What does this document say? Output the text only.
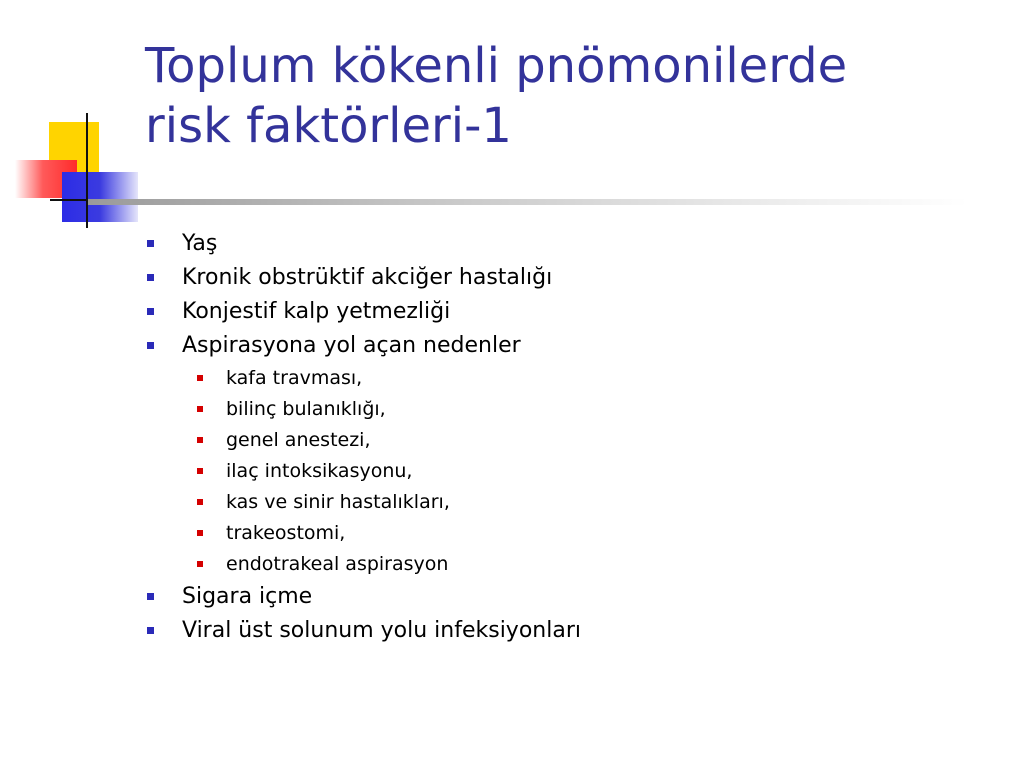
Toplum kökenli pnömonilerde
risk faktörleri-1
Yaş
Kronik obstrüktif akciğer hastalığı
Konjestif kalp yetmezliği
Aspirasyona yol açan nedenler
kafa travması,
bilinç bulanıklığı,
genel anestezi,
ilaç intoksikasyonu,
kas ve sinir hastalıkları,
trakeostomi,
endotrakeal aspirasyon
Sigara içme
Viral üst solunum yolu infeksiyonları
